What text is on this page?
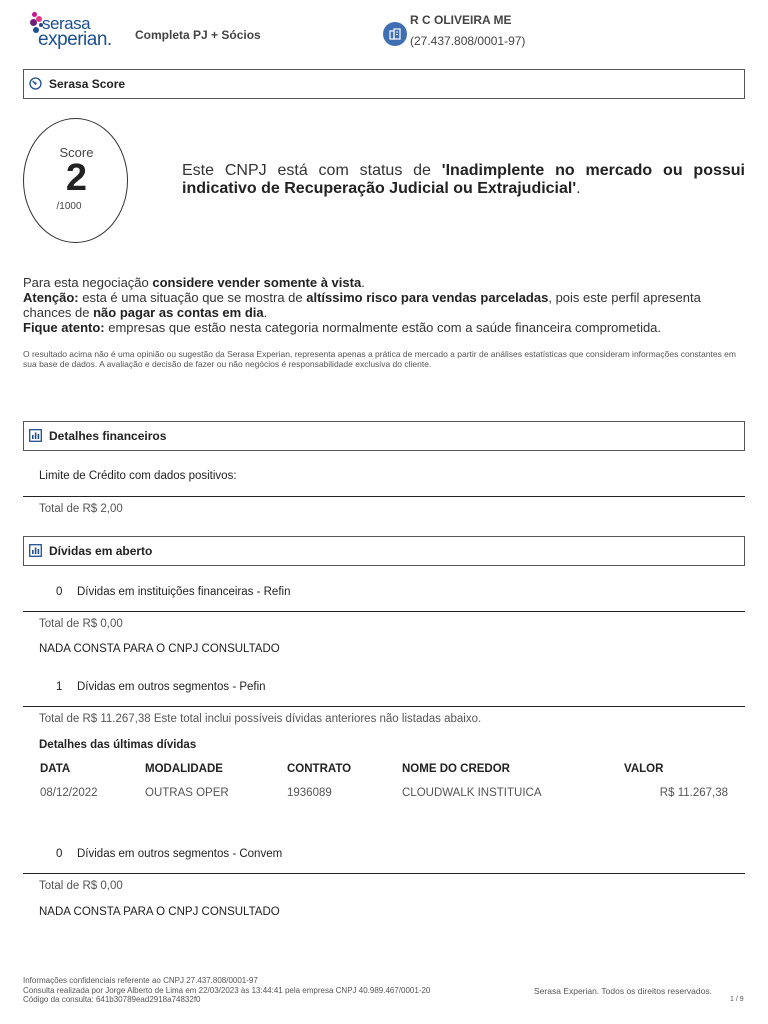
serasa
experian. Completa PJ + Sócios
R C OLIVEIRA ME
(27.437.808/0001-97)
Serasa Score
Score
2
/1000

Este CNPJ está com status de 'Inadimplente no mercado ou possui indicativo de Recuperação Judicial ou Extrajudicial'.

Para esta negociação considere vender somente à vista.
Atenção: esta é uma situação que se mostra de altíssimo risco para vendas parceladas, pois este perfil apresenta chances de não pagar as contas em dia.
Fique atento: empresas que estão nesta categoria normalmente estão com a saúde financeira comprometida.

O resultado acima não é uma opinião ou sugestão da Serasa Experian, representa apenas a prática de mercado a partir de análises estatísticas que consideram informações constantes em sua base de dados. A avaliação e decisão de fazer ou não negócios é responsabilidade exclusiva do cliente.

Detalhes financeiros
Limite de Crédito com dados positivos:
Total de R$ 2,00
Dívidas em aberto
0 Dívidas em instituições financeiras - Refin
Total de R$ 0,00
NADA CONSTA PARA O CNPJ CONSULTADO
1 Dívidas em outros segmentos - Pefin
Total de R$ 11.267,38 Este total inclui possíveis dívidas anteriores não listadas abaixo.
Detalhes das últimas dívidas
DATA	MODALIDADE	CONTRATO	NOME DO CREDOR	VALOR
08/12/2022	OUTRAS OPER	1936089	CLOUDWALK INSTITUICA	R$ 11.267,38
0 Dívidas em outros segmentos - Convem
Total de R$ 0,00
NADA CONSTA PARA O CNPJ CONSULTADO
Informações confidenciais referente ao CNPJ 27.437.808/0001-97
Consulta realizada por Jorge Alberto de Lima em 22/03/2023 às 13:44:41 pela empresa CNPJ 40.989.467/0001-20
Código da consulta: 641b30789ead2918a74832f0
Serasa Experian. Todos os direitos reservados.
1 / 9
